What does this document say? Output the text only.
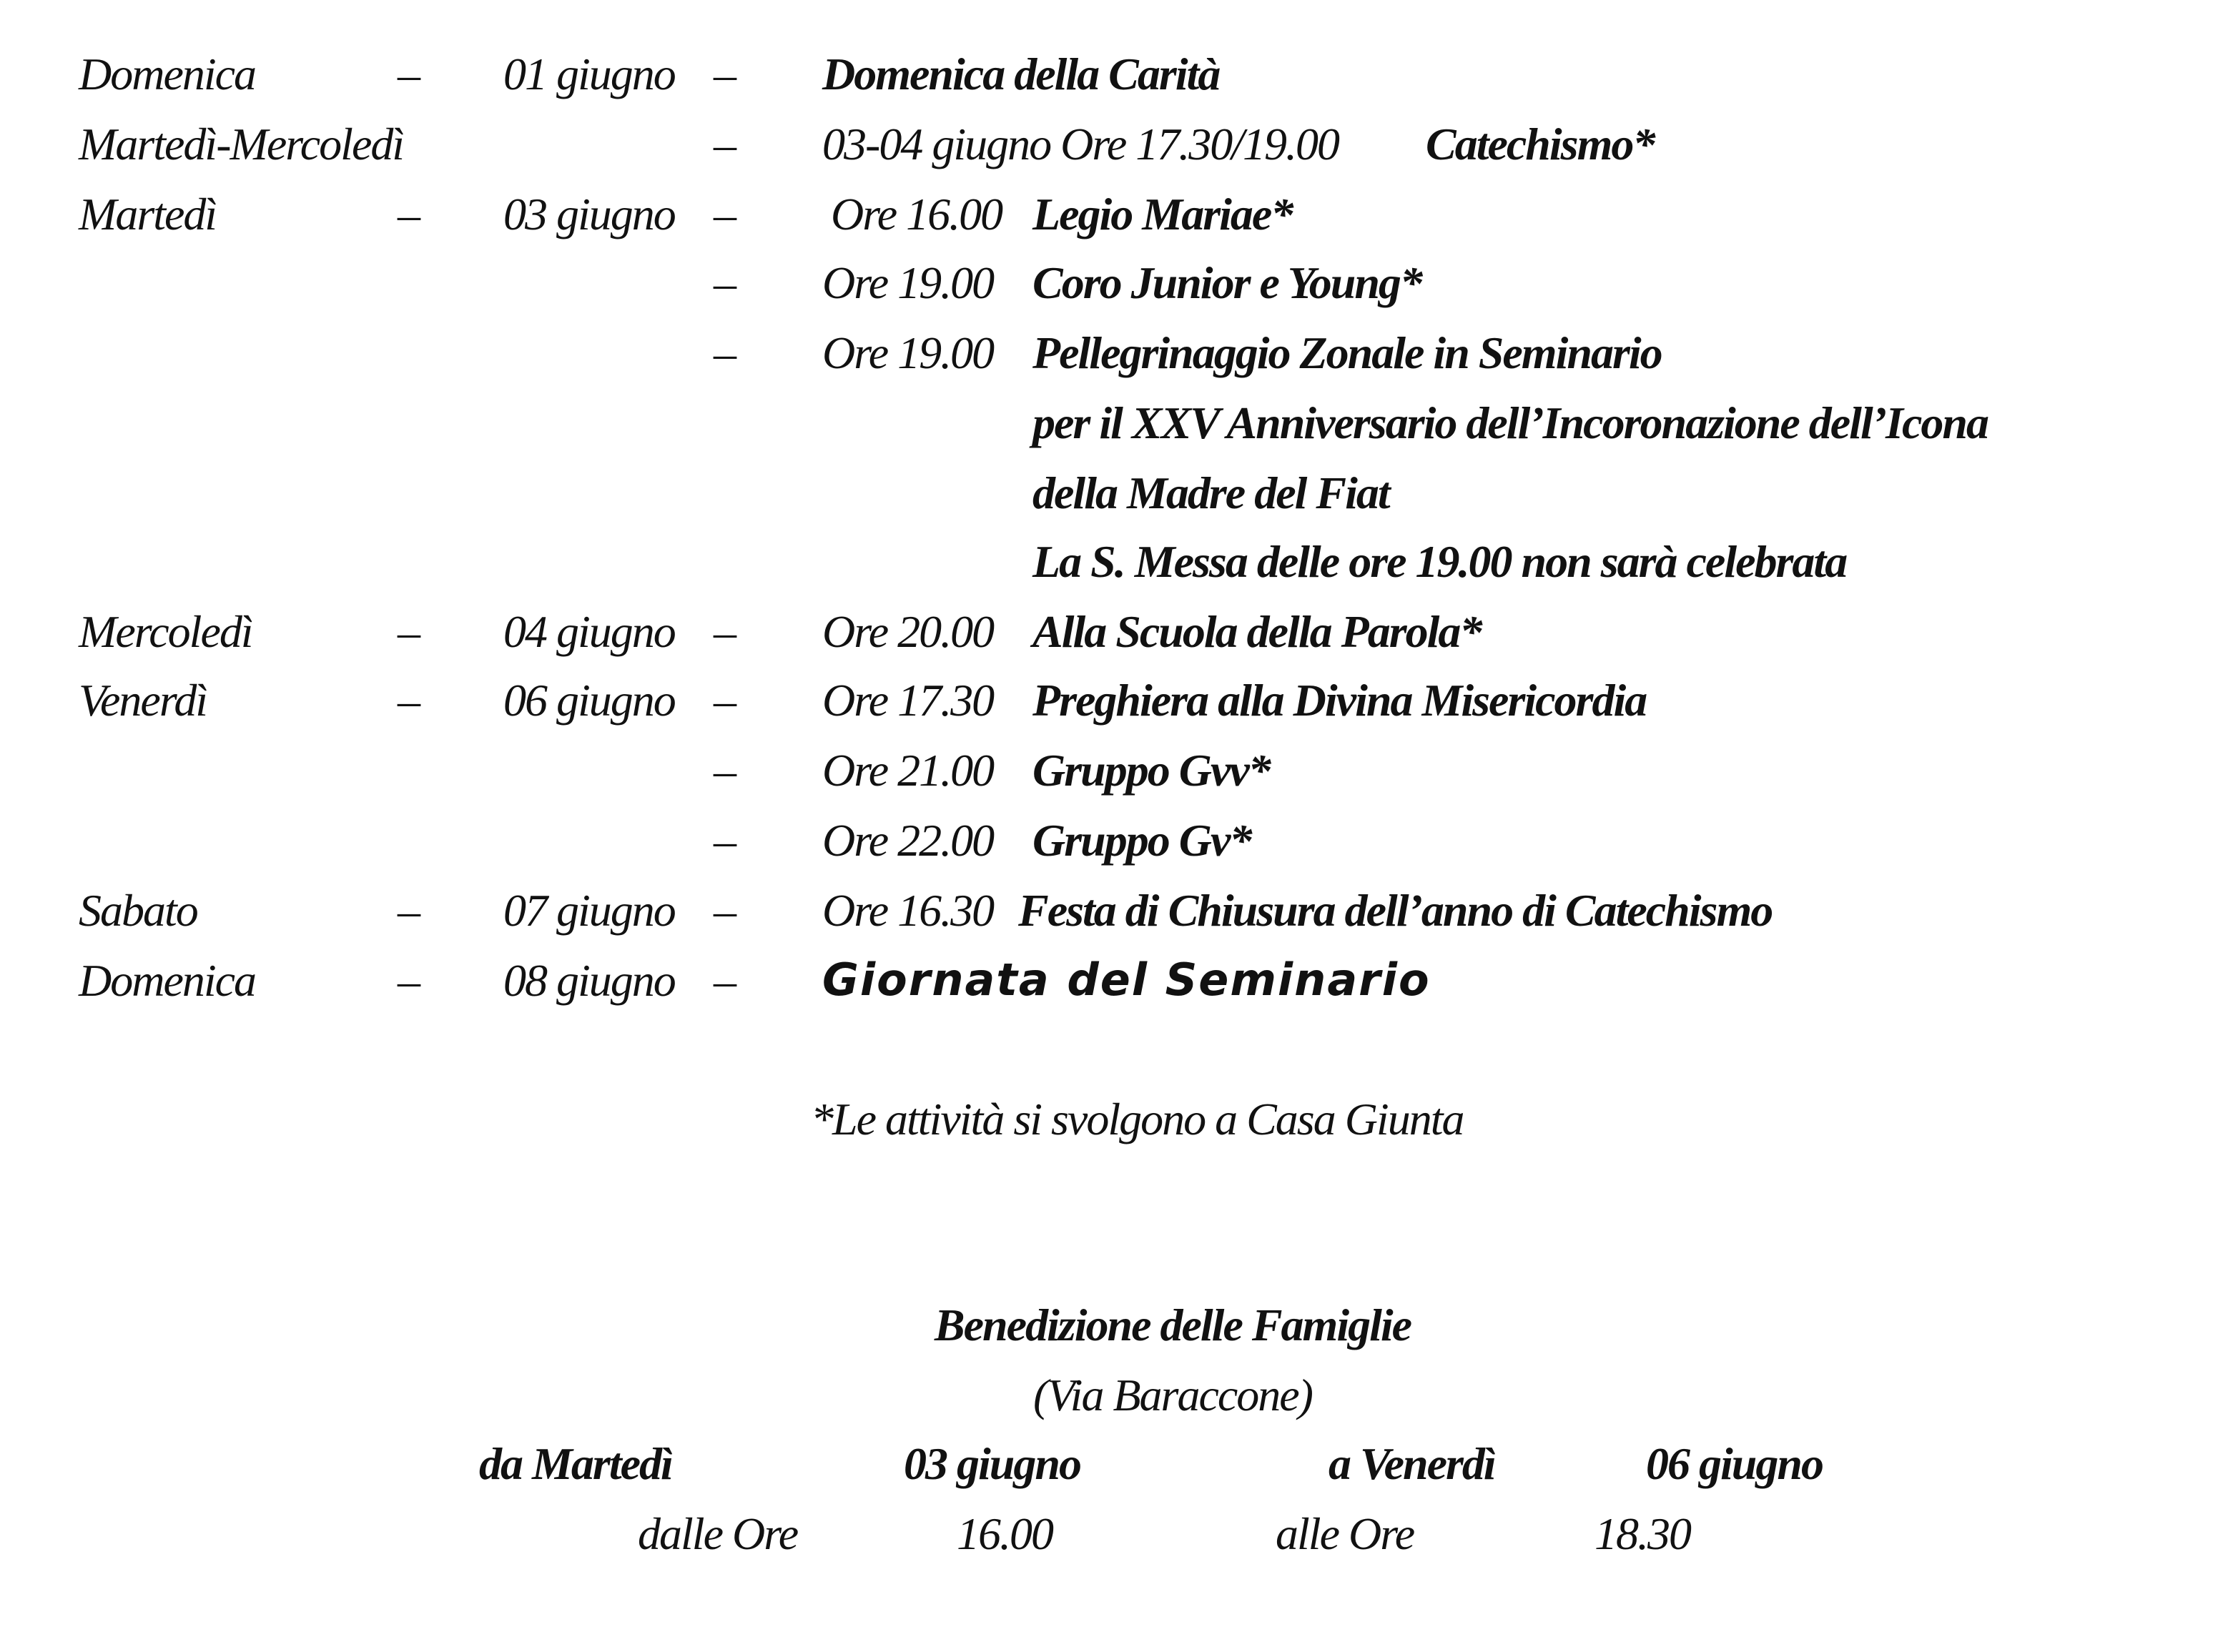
Domenica	– 01 giugno – Domenica della Carità
Martedì-Mercoledì	– 03-04 giugno Ore 17.30/19.00 Catechismo*
Martedì	– 03 giugno – Ore 16.00 Legio Mariae*
– Ore 19.00 Coro Junior e Young*
– Ore 19.00 Pellegrinaggio Zonale in Seminario
per il XXV Anniversario dell’Incoronazione dell’Icona
della Madre del Fiat
La S. Messa delle ore 19.00 non sarà celebrata
Mercoledì	– 04 giugno – Ore 20.00 Alla Scuola della Parola*
Venerdì	– 06 giugno – Ore 17.30 Preghiera alla Divina Misericordia
– Ore 21.00 Gruppo Gvv*
– Ore 22.00 Gruppo Gv*
Sabato	– 07 giugno – Ore 16.30 Festa di Chiusura dell’anno di Catechismo
Domenica	– 08 giugno – Giornata del Seminario
*Le attività si svolgono a Casa Giunta
Benedizione delle Famiglie
(Via Baraccone)
da Martedì	03 giugno	a Venerdì	06 giugno
dalle Ore	16.00	alle Ore	18.30
